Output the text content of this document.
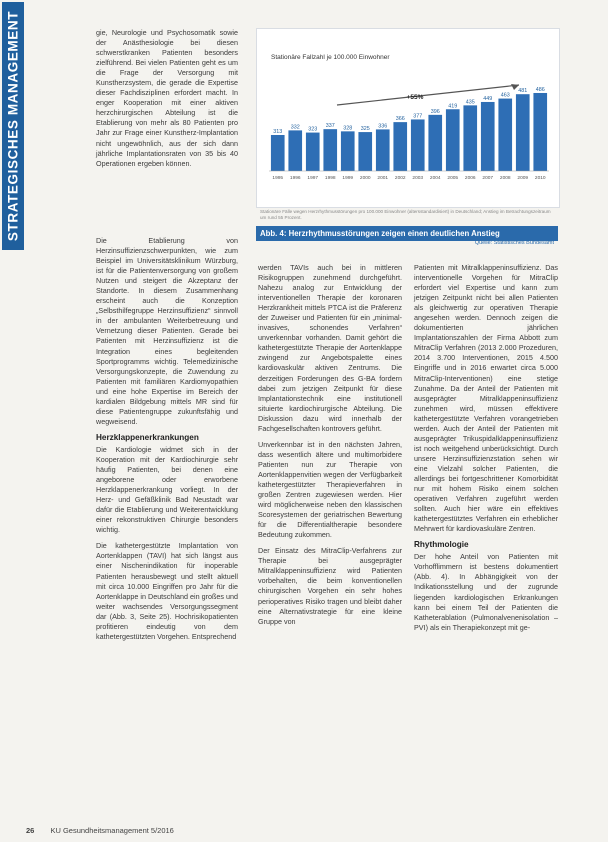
STRATEGISCHES MANAGEMENT	gie, Neurologie und Psychosomatik sowie der Anästhesiologie bei diesen schwerstkranken Patienten besonders zielführend. Bei vielen Patienten geht es um die Frage der Versorgung mit Kunstherzsystem, die gerade die Expertise dieser Fachdisziplinen erfordert macht. In enger Kooperation mit einer aktiven herzchirurgischen Abteilung ist die Etablierung von mehr als 80 Patienten pro Jahr zur Frage einer Kunstherz-Implantation nicht ungewöhnlich, aus der sich dann jährliche Implantationsraten von 35 bis 40 Operationen ergeben können.

Die Etablierung von Herzinsuffizienzschwerpunkten, wie zum Beispiel im Universitätsklinikum Würzburg, ist für die Patientenversorgung von großem Nutzen und steigert die Akzeptanz der Standorte. In diesem Zusammenhang erscheint auch die Konzeption „Selbsthilfegruppe Herzinsuffizienz“ sinnvoll in der ambulanten Weiterbetreuung und Vernetzung dieser Patienten. Gerade bei Patienten mit Herzinsuffizienz ist die Integration eines begleitenden Sportprogramms wichtig. Telemedizinische Versorgungskonzepte, die Zuwendung zu Patienten mit familiären Kardiomyopathien und eine hohe Expertise im Bereich der kardialen Bildgebung mittels MR sind für diese Patientengruppe zukunftsfähig und wegweisend.

Herzklappenerkrankungen

Die Kardiologie widmet sich in der Kooperation mit der Kardiochirurgie sehr häufig Patienten, bei denen eine angeborene oder erworbene Herzklappenerkrankung vorliegt. In der Herz- und Gefäßklinik Bad Neustadt war dafür die Etablierung und Weiterentwicklung einer rekonstruktiven Chirurgie besonders wichtig.

Die kathetergestützte Implantation von Aortenklappen (TAVI) hat sich längst aus einer Nischenindikation für inoperable Patienten herausbewegt und stellt aktuell mit circa 10.000 Eingriffen pro Jahr für die Aortenklappe in Deutschland ein großes und weiter wachsendes Versorgungssegment dar (Abb. 3, Seite 25). Hochrisikopatienten profitieren eindeutig von dem kathetergestützten Vorgehen. Entsprechend

Stationäre Fallzahl je 100.000 Einwohner
313
1995
332
1996
323
1997
337
1998
328
1999
325
2000
336
2001
366
2002
377
2003
396
2004
419
2005
435
2006
449
2007
463
2008
481
2009
486
2010
+55%
Stationäre Fälle wegen Herzrhythmusstörungen pro 100.000 Einwohner (altersstandardisiert) in Deutschland; Anstieg im Betrachtungszeitraum um rund 55 Prozent.
Abb. 4: Herzrhythmusstörungen zeigen einen deutlichen Anstieg
Quelle: Statistisches Bundesamt

werden TAVIs auch bei in mittleren Risikogruppen zunehmend durchgeführt. Nahezu analog zur Entwicklung der interventionellen Therapie der koronaren Herzkrankheit mittels PTCA ist die Präferenz der Zuweiser und Patienten für ein „minimal-invasives, schonendes Verfahren“ unverkennbar vorhanden. Damit gehört die kathetergestützte Therapie der Aortenklappe zwingend zur Angebotspalette eines kardiovaskulär aktiven Zentrums. Die derzeitigen Forderungen des G-BA fordern dabei zum jetzigen Zeitpunkt für diese Implantationstechnik eine institutionell situierte kardiochirurgische Abteilung. Die Diskussion dazu wird innerhalb der Fachgesellschaften kontrovers geführt.

Unverkennbar ist in den nächsten Jahren, dass wesentlich ältere und multimorbidere Patienten nun zur Therapie von Aortenklappenvitien wegen der Verfügbarkeit kathetergestützter Therapieverfahren in großen Zentren zugewiesen werden. Hier wird möglicherweise neben den klassischen Scoresystemen der geriatrischen Bewertung für die Differentialtherapie besondere Bedeutung zukommen.

Der Einsatz des MitraClip-Verfahrens zur Therapie bei ausgeprägter Mitralklappeninsuffizienz wird Patienten vorbehalten, die beim konventionellen chirurgischen Vorgehen ein sehr hohes perioperatives Risiko tragen und bleibt daher eine Alternativstrategie für eine kleine Gruppe von

Patienten mit Mitralklappeninsuffizienz. Das interventionelle Vorgehen für MitraClip erfordert viel Expertise und kann zum jetzigen Zeitpunkt nicht bei allen Patienten als gleichwertig zur operativen Therapie angesehen werden. Dennoch zeigen die dokumentierten jährlichen Implantationszahlen der Firma Abbott zum MitraClip Verfahren (2013 2.000 Prozeduren, 2014 3.700 Interventionen, 2015 4.500 Eingriffe und in 2016 erwartet circa 5.000 MitraClip-Interventionen) eine stetige Zunahme. Da der Anteil der Patienten mit ausgeprägter Mitralklappeninsuffizienz zunehmen wird, müssen effektivere kathetergestützte Verfahren vorangetrieben werden. Auch der Anteil der Patienten mit ausgeprägter Trikuspidalklappeninsuffizienz ist noch weitgehend unberücksichtigt. Durch unsere Herzinsuffizienzstation sehen wir eine Vielzahl solcher Patienten, die allerdings bei fortgeschrittener Komorbidität nur mit hohem Risiko einem solchen operativen Verfahren zugeführt werden sollten. Auch hier wäre ein effektives kathetergestütztes Verfahren ein erheblicher Mehrwert für kardiovaskuläre Zentren.

Rhythmologie

Der hohe Anteil von Patienten mit Vorhofflimmern ist bestens dokumentiert (Abb. 4). In Abhängigkeit von der Indikationsstellung und der zugrunde liegenden kardiologischen Erkrankungen kann bei einem Teil der Patienten die Katheterablation (Pulmonalvenenisolation – PVI) als ein Therapiekonzept mit ge-

26 KU Gesundheitsmanagement 5/2016
